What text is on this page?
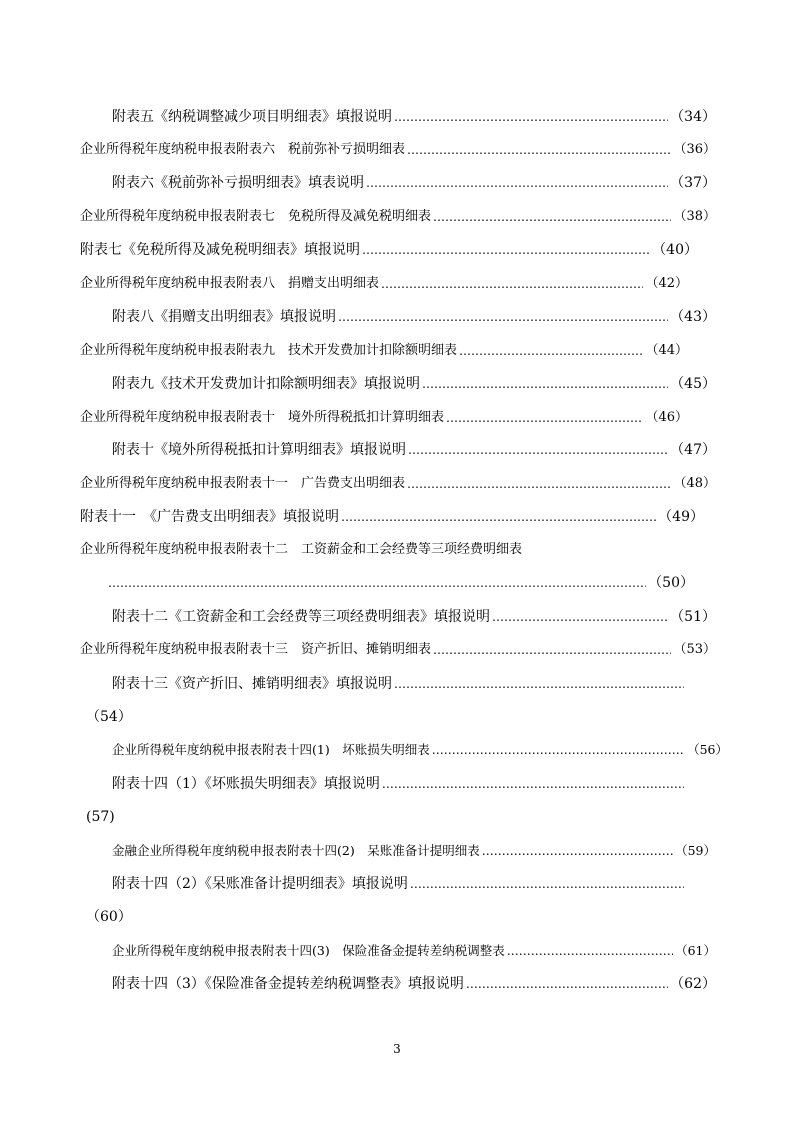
附表五《纳税调整减少项目明细表》填报说明 …………………………………………………………………………………………………………………………………………………………………………………………………………………………	（34）
企业所得税年度纳税申报表附表六　税前弥补亏损明细表 …………………………………………………………………………………………………………………………………………………………………………………………………………………………	（36）
附表六《税前弥补亏损明细表》填表说明 …………………………………………………………………………………………………………………………………………………………………………………………………………………………	（37）
企业所得税年度纳税申报表附表七　免税所得及减免税明细表 …………………………………………………………………………………………………………………………………………………………………………………………………………………………	（38）
附表七《免税所得及减免税明细表》填报说明 …………………………………………………………………………………………………………………………………………………………………………………………………………………………	（40）
企业所得税年度纳税申报表附表八　捐赠支出明细表 …………………………………………………………………………………………………………………………………………………………………………………………………………………………	（42）
附表八《捐赠支出明细表》填报说明 …………………………………………………………………………………………………………………………………………………………………………………………………………………………	（43）
企业所得税年度纳税申报表附表九　技术开发费加计扣除额明细表 …………………………………………………………………………………………………………………………………………………………………………………………………………………………	（44）
附表九《技术开发费加计扣除额明细表》填报说明 …………………………………………………………………………………………………………………………………………………………………………………………………………………………	（45）
企业所得税年度纳税申报表附表十　境外所得税抵扣计算明细表 …………………………………………………………………………………………………………………………………………………………………………………………………………………………	（46）
附表十《境外所得税抵扣计算明细表》填报说明 …………………………………………………………………………………………………………………………………………………………………………………………………………………………	（47）
企业所得税年度纳税申报表附表十一　广告费支出明细表 …………………………………………………………………………………………………………………………………………………………………………………………………………………………	（48）
附表十一　《广告费支出明细表》填报说明 …………………………………………………………………………………………………………………………………………………………………………………………………………………………	（49）
企业所得税年度纳税申报表附表十二　工资薪金和工会经费等三项经费明细表
…………………………………………………………………………………………………………………………………………………………………………………………………………………………
（50）
附表十二《工资薪金和工会经费等三项经费明细表》填报说明 …………………………………………………………………………………………………………………………………………………………………………………………………………………………	（51）
企业所得税年度纳税申报表附表十三　资产折旧、摊销明细表 …………………………………………………………………………………………………………………………………………………………………………………………………………………………	（53）
附表十三《资产折旧、摊销明细表》填报说明
…………………………………………………………………………………………………………………………………………………………………………………………………………………………
（54）
企业所得税年度纳税申报表附表十四(1)　坏账损失明细表 …………………………………………………………………………………………………………………………………………………………………………………………………………………………	（56）
附表十四（1）《坏账损失明细表》填报说明
…………………………………………………………………………………………………………………………………………………………………………………………………………………………
(57)
金融企业所得税年度纳税申报表附表十四(2)　呆账准备计提明细表 …………………………………………………………………………………………………………………………………………………………………………………………………………………………	（59）
附表十四（2）《呆账准备计提明细表》填报说明
…………………………………………………………………………………………………………………………………………………………………………………………………………………………
（60）
企业所得税年度纳税申报表附表十四(3)　保险准备金提转差纳税调整表 …………………………………………………………………………………………………………………………………………………………………………………………………………………………	（61）
附表十四（3）《保险准备金提转差纳税调整表》填报说明 …………………………………………………………………………………………………………………………………………………………………………………………………………………………	（62）
3
